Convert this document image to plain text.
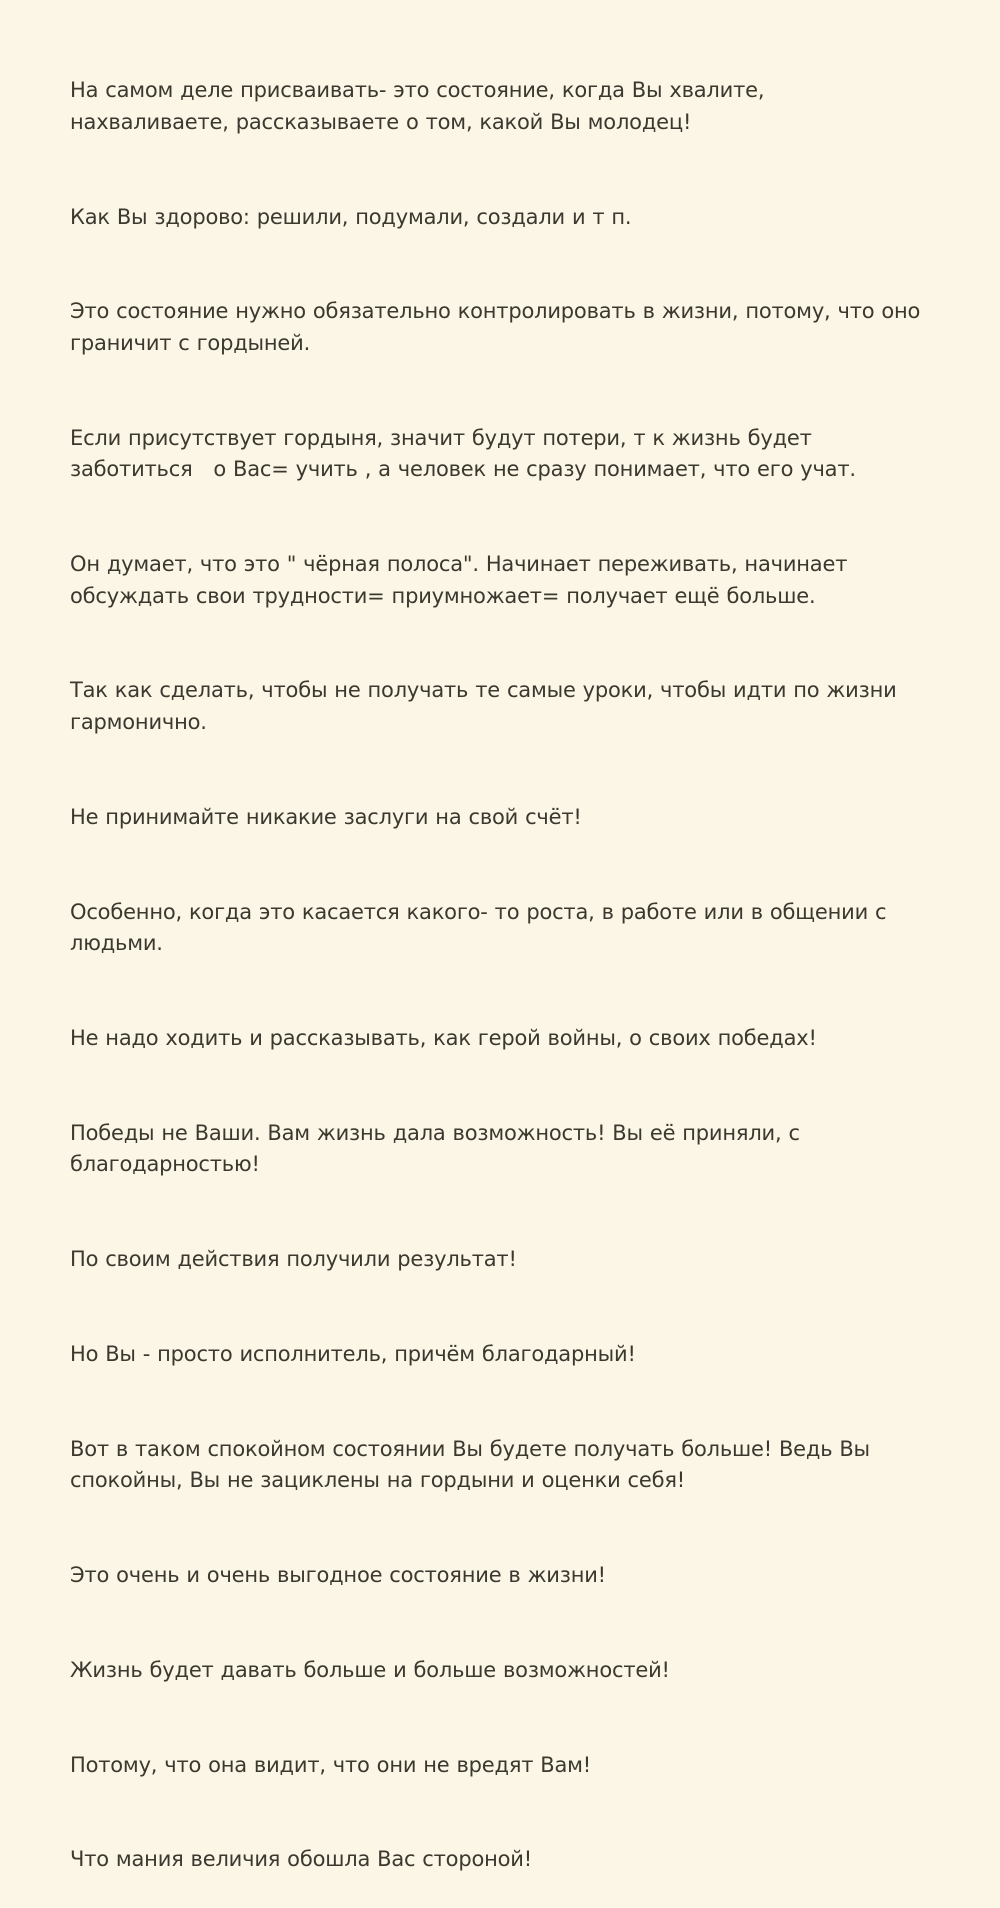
На самом деле присваивать- это состояние, когда Вы хвалите, нахваливаете, рассказываете о том, какой Вы молодец!

Как Вы здорово: решили, подумали, создали и т п.

Это состояние нужно обязательно контролировать в жизни, потому, что оно граничит с гордыней.

Если присутствует гордыня, значит будут потери, т к жизнь будет заботиться   о Вас= учить , а человек не сразу понимает, что его учат.

Он думает, что это " чёрная полоса". Начинает переживать, начинает обсуждать свои трудности= приумножает= получает ещё больше.

Так как сделать, чтобы не получать те самые уроки, чтобы идти по жизни гармонично.

Не принимайте никакие заслуги на свой счёт!

Особенно, когда это касается какого- то роста, в работе или в общении с людьми.

Не надо ходить и рассказывать, как герой войны, о своих победах!

Победы не Ваши. Вам жизнь дала возможность! Вы её приняли, с благодарностью!

По своим действия получили результат!

Но Вы - просто исполнитель, причём благодарный!

Вот в таком спокойном состоянии Вы будете получать больше! Ведь Вы спокойны, Вы не зациклены на гордыни и оценки себя!

Это очень и очень выгодное состояние в жизни!

Жизнь будет давать больше и больше возможностей!

Потому, что она видит, что они не вредят Вам!

Что мания величия обошла Вас стороной!
